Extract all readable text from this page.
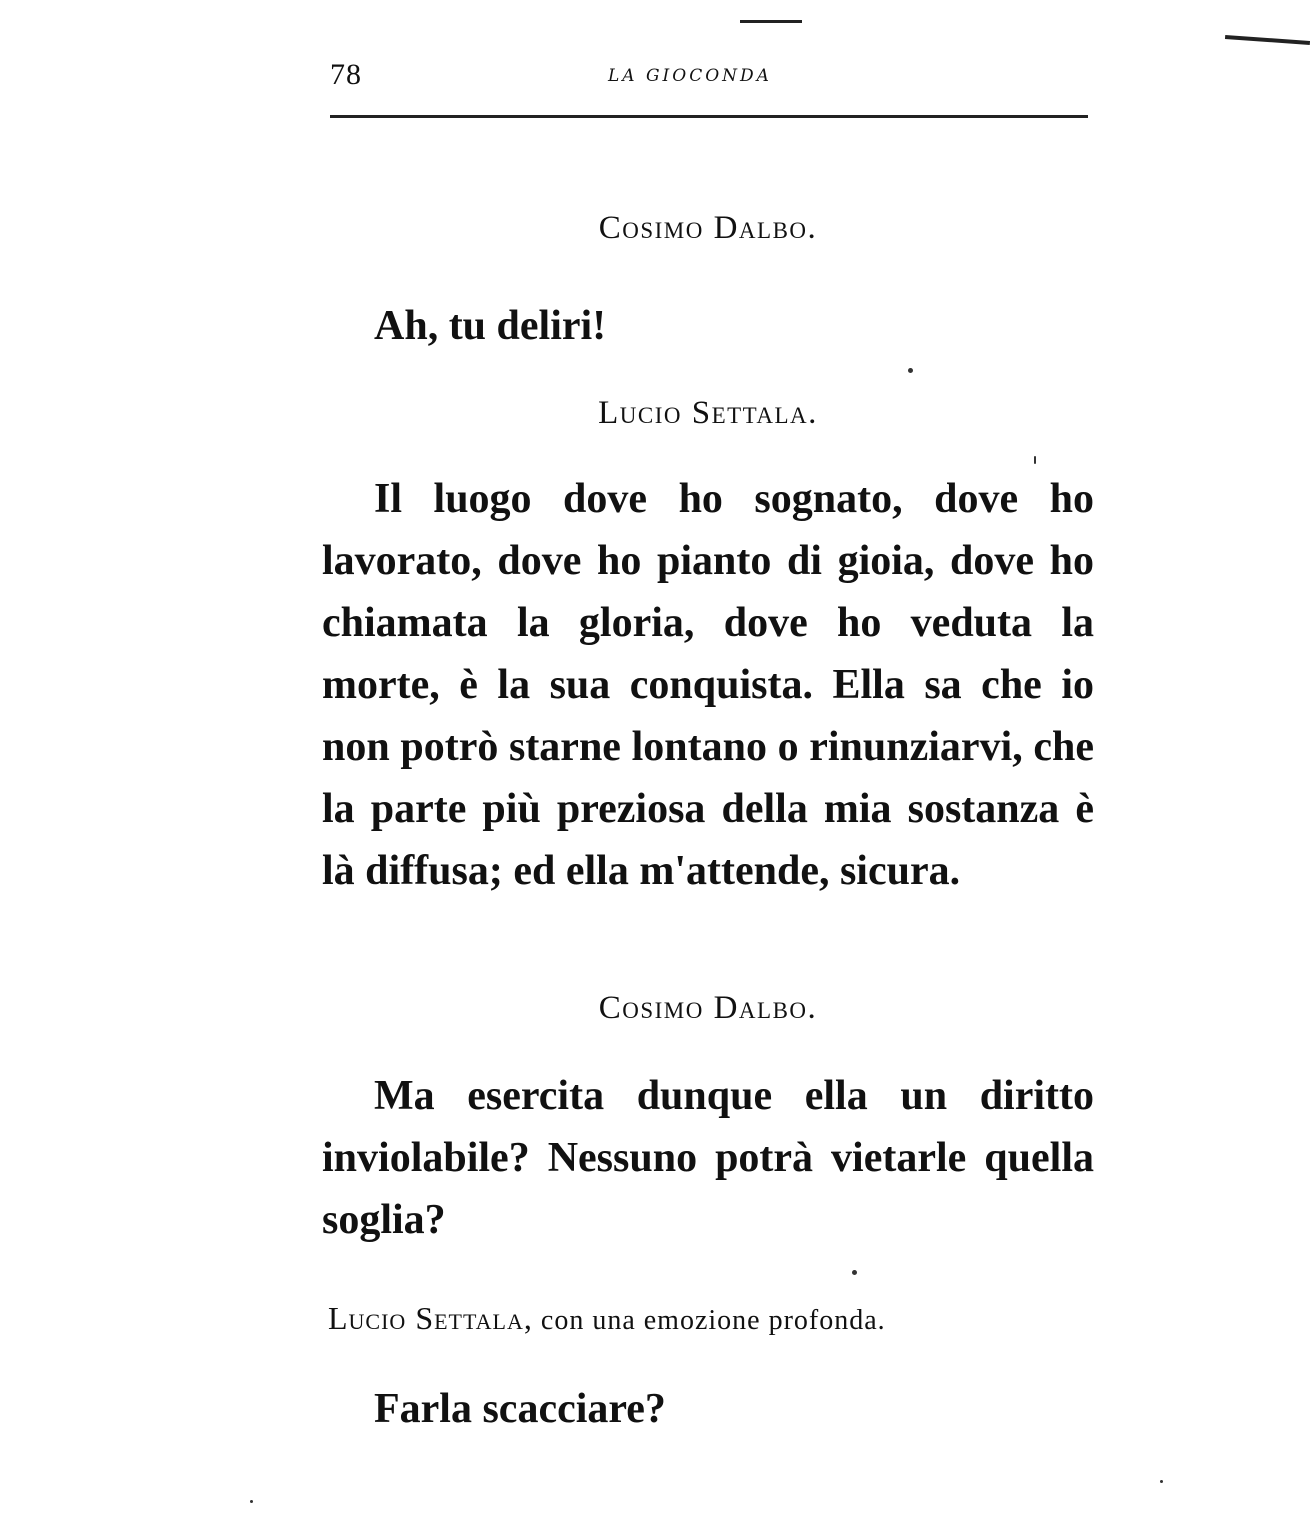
78	LA GIOCONDA
Cosimo Dalbo.
Ah, tu deliri!
Lucio Settala.
Il luogo dove ho sognato, dove ho lavorato, dove ho pianto di gioia, dove ho chiamata la gloria, dove ho veduta la morte, è la sua conquista. Ella sa che io non potrò starne lontano o rinunziarvi, che la parte più preziosa della mia sostanza è là diffusa; ed ella m'attende, sicura.
Cosimo Dalbo.
Ma esercita dunque ella un diritto inviolabile? Nessuno potrà vietarle quella soglia?
Lucio Settala, con una emozione profonda.
Farla scacciare?
